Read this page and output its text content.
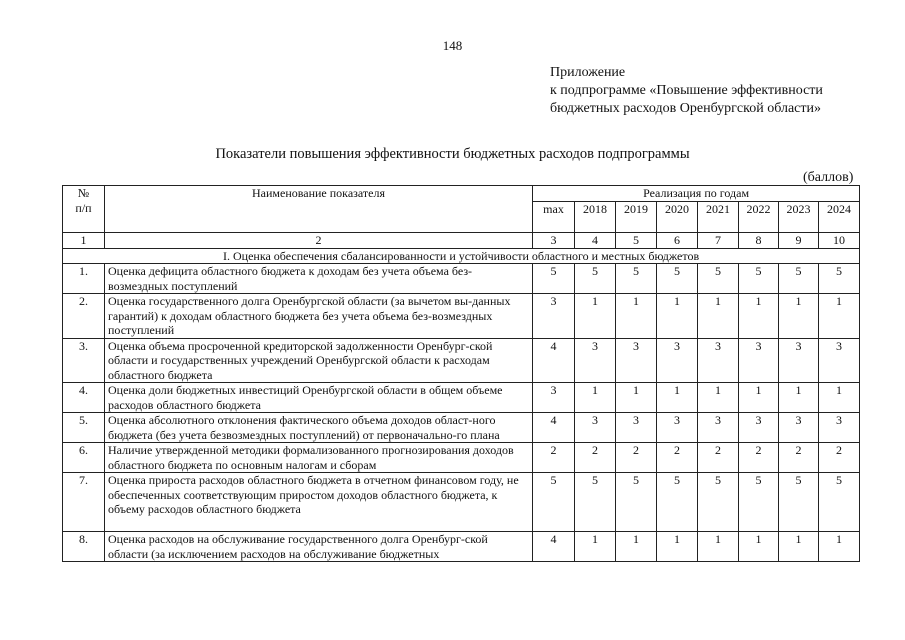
148
Приложение
к подпрограмме «Повышение эффективности
бюджетных расходов Оренбургской области»
Показатели повышения эффективности бюджетных расходов подпрограммы
(баллов)
№
п/п	Наименование показателя	Реализация по годам							
		max	2018	2019	2020	2021	2022	2023	2024
1	2	3	4	5	6	7	8	9	10
I. Оценка обеспечения сбалансированности и устойчивости областного и местных бюджетов									
1.	Оценка дефицита областного бюджета к доходам без учета объема без-возмездных поступлений	5	5	5	5	5	5	5	5
2.	Оценка государственного долга Оренбургской области (за вычетом вы-данных гарантий) к доходам областного бюджета без учета объема без-возмездных поступлений	3	1	1	1	1	1	1	1
3.	Оценка объема просроченной кредиторской задолженности Оренбург-ской области и государственных учреждений Оренбургской области к расходам областного бюджета	4	3	3	3	3	3	3	3
4.	Оценка доли бюджетных инвестиций Оренбургской области в общем объеме расходов областного бюджета	3	1	1	1	1	1	1	1
5.	Оценка абсолютного отклонения фактического объема доходов област-ного бюджета (без учета безвозмездных поступлений) от первоначально-го плана	4	3	3	3	3	3	3	3
6.	Наличие утвержденной методики формализованного прогнозирования доходов областного бюджета по основным налогам и сборам	2	2	2	2	2	2	2	2
7.	Оценка прироста расходов областного бюджета в отчетном финансовом году, не обеспеченных соответствующим приростом доходов областного бюджета, к объему расходов областного бюджета	5	5	5	5	5	5	5	5
8.	Оценка расходов на обслуживание государственного долга Оренбург-ской области (за исключением расходов на обслуживание бюджетных	4	1	1	1	1	1	1	1
